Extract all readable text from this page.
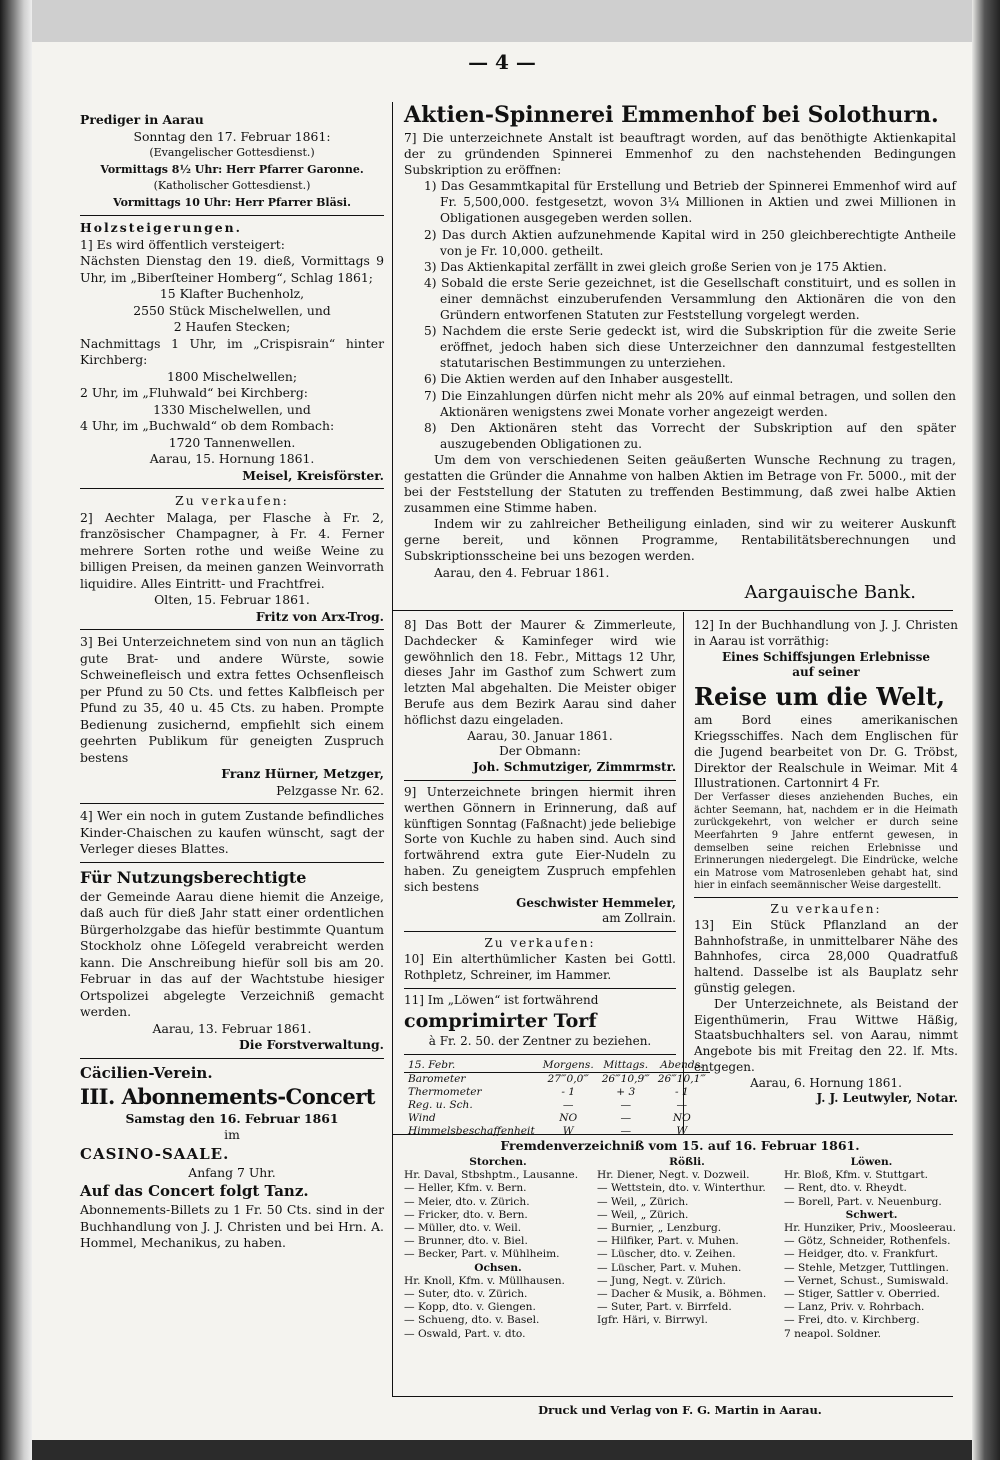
— 4 —

Prediger in Aarau

Sonntag den 17. Februar 1861:

(Evangelischer Gottesdienst.)

Vormittags 8½ Uhr: Herr Pfarrer Garonne.

(Katholischer Gottesdienst.)

Vormittags 10 Uhr: Herr Pfarrer Bläsi.

Holzsteigerungen.

1] Es wird öffentlich versteigert:

Nächsten Dienstag den 19. dieß, Vormittags 9 Uhr, im „Biberſteiner Homberg“, Schlag 1861;

15 Klafter Buchenholz,

2550 Stück Mischelwellen, und

2 Haufen Stecken;

Nachmittags 1 Uhr, im „Crispisrain“ hinter Kirchberg:

1800 Mischelwellen;

2 Uhr, im „Fluhwald“ bei Kirchberg:

1330 Mischelwellen, und

4 Uhr, im „Buchwald“ ob dem Rombach:

1720 Tannenwellen.

Aarau, 15. Hornung 1861.

Meisel, Kreisförster.

Zu verkaufen:

2] Aechter Malaga, per Flasche à Fr. 2, französischer Champagner, à Fr. 4. Ferner mehrere Sorten rothe und weiße Weine zu billigen Preisen, da meinen ganzen Weinvorrath liquidire. Alles Eintritt- und Frachtfrei.

Olten, 15. Februar 1861.

Fritz von Arx-Trog.

3] Bei Unterzeichnetem sind von nun an täglich gute Brat- und andere Würste, sowie Schweinefleisch und extra fettes Ochsenfleisch per Pfund zu 50 Cts. und fettes Kalbfleisch per Pfund zu 35, 40 u. 45 Cts. zu haben. Prompte Bedienung zusichernd, empfiehlt sich einem geehrten Publikum für geneigten Zuspruch bestens

Franz Hürner, Metzger,

Pelzgasse Nr. 62.

4] Wer ein noch in gutem Zustande befindliches Kinder-Chaischen zu kaufen wünscht, sagt der Verleger dieses Blattes.

Für Nutzungsberechtigte

der Gemeinde Aarau diene hiemit die Anzeige, daß auch für dieß Jahr statt einer ordentlichen Bürgerholzgabe das hiefür bestimmte Quantum Stockholz ohne Löſegeld verabreicht werden kann. Die Anschreibung hiefür soll bis am 20. Februar in das auf der Wachtstube hiesiger Ortspolizei abgelegte Verzeichniß gemacht werden.

Aarau, 13. Februar 1861.

Die Forstverwaltung.

Cäcilien-Verein.

III. Abonnements-Concert

Samstag den 16. Februar 1861

im

CASINO-SAALE.

Anfang 7 Uhr.

Auf das Concert folgt Tanz.

Abonnements-Billets zu 1 Fr. 50 Cts. sind in der Buchhandlung von J. J. Christen und bei Hrn. A. Hommel, Mechanikus, zu haben.

Aktien-Spinnerei Emmenhof bei Solothurn.

7] Die unterzeichnete Anstalt ist beauftragt worden, auf das benöthigte Aktienkapital der zu gründenden Spinnerei Emmenhof zu den nachstehenden Bedingungen Subskription zu eröffnen:

1) Das Gesammtkapital für Erstellung und Betrieb der Spinnerei Emmenhof wird auf Fr. 5,500,000. festgesetzt, wovon 3¼ Millionen in Aktien und zwei Millionen in Obligationen ausgegeben werden sollen.

2) Das durch Aktien aufzunehmende Kapital wird in 250 gleichberechtigte Antheile von je Fr. 10,000. getheilt.

3) Das Aktienkapital zerfällt in zwei gleich große Serien von je 175 Aktien.

4) Sobald die erste Serie gezeichnet, ist die Gesellschaft constituirt, und es sollen in einer demnächst einzuberufenden Versammlung den Aktionären die von den Gründern entworfenen Statuten zur Feststellung vorgelegt werden.

5) Nachdem die erste Serie gedeckt ist, wird die Subskription für die zweite Serie eröffnet, jedoch haben sich diese Unterzeichner den dannzumal festgestellten statutarischen Bestimmungen zu unterziehen.

6) Die Aktien werden auf den Inhaber ausgestellt.

7) Die Einzahlungen dürfen nicht mehr als 20% auf einmal betragen, und sollen den Aktionären wenigstens zwei Monate vorher angezeigt werden.

8) Den Aktionären steht das Vorrecht der Subskription auf den später auszugebenden Obligationen zu.

Um dem von verschiedenen Seiten geäußerten Wunsche Rechnung zu tragen, gestatten die Gründer die Annahme von halben Aktien im Betrage von Fr. 5000., mit der bei der Feststellung der Statuten zu treffenden Bestimmung, daß zwei halbe Aktien zusammen eine Stimme haben.

Indem wir zu zahlreicher Betheiligung einladen, sind wir zu weiterer Auskunft gerne bereit, und können Programme, Rentabilitätsberechnungen und Subskriptionsscheine bei uns bezogen werden.

Aarau, den 4. Februar 1861.

Aargauische Bank.

8] Das Bott der Maurer & Zimmerleute, Dachdecker & Kaminfeger wird wie gewöhnlich den 18. Febr., Mittags 12 Uhr, dieses Jahr im Gasthof zum Schwert zum letzten Mal abgehalten. Die Meister obiger Berufe aus dem Bezirk Aarau sind daher höflichst dazu eingeladen.

Aarau, 30. Januar 1861.

Der Obmann:

Joh. Schmutziger, Zimmrmstr.

9] Unterzeichnete bringen hiermit ihren werthen Gönnern in Erinnerung, daß auf künftigen Sonntag (Faßnacht) jede beliebige Sorte von Kuchle zu haben sind. Auch sind fortwährend extra gute Eier-Nudeln zu haben. Zu geneigtem Zuspruch empfehlen sich bestens

Geschwister Hemmeler,

am Zollrain.

Zu verkaufen:

10] Ein alterthümlicher Kasten bei Gottl. Rothpletz, Schreiner, im Hammer.

11] Im „Löwen“ ist fortwährend

comprimirter Torf

à Fr. 2. 50. der Zentner zu beziehen.

15. Febr.	Morgens.	Mittags.	Abends.
Barometer	27‴0,0‴	26‴10,9‴	26‴10,1‴
Thermometer	- 1	+ 3	- 1
Reg. u. Sch.	—	—	—
Wind	NO	—	NO
Himmelsbeschaffenheit	W	—	W

12] In der Buchhandlung von J. J. Christen in Aarau ist vorräthig:

Eines Schiffsjungen Erlebnisse

auf seiner

Reise um die Welt,

am Bord eines amerikanischen Kriegsschiffes. Nach dem Englischen für die Jugend bearbeitet von Dr. G. Tröbst, Direktor der Realschule in Weimar. Mit 4 Illustrationen. Cartonnirt 4 Fr.

Der Verfasser dieses anziehenden Buches, ein ächter Seemann, hat, nachdem er in die Heimath zurückgekehrt, von welcher er durch seine Meerfahrten 9 Jahre entfernt gewesen, in demselben seine reichen Erlebnisse und Erinnerungen niedergelegt. Die Eindrücke, welche ein Matrose vom Matrosenleben gehabt hat, sind hier in einfach seemännischer Weise dargestellt.

Zu verkaufen:

13] Ein Stück Pflanzland an der Bahnhofstraße, in unmittelbarer Nähe des Bahnhofes, circa 28,000 Quadratfuß haltend. Dasselbe ist als Bauplatz sehr günstig gelegen.

Der Unterzeichnete, als Beistand der Eigenthümerin, Frau Wittwe Häßig, Staatsbuchhalters sel. von Aarau, nimmt Angebote bis mit Freitag den 22. lf. Mts. entgegen.

Aarau, 6. Hornung 1861.

J. J. Leutwyler, Notar.

Fremdenverzeichniß vom 15. auf 16. Februar 1861.

Storchen.

Hr. Daval, Stbshptm., Lausanne.

— Heller, Kfm. v. Bern.

— Meier, dto. v. Zürich.

— Fricker, dto. v. Bern.

— Müller, dto. v. Weil.

— Brunner, dto. v. Biel.

— Becker, Part. v. Mühlheim.

Ochsen.

Hr. Knoll, Kfm. v. Müllhausen.

— Suter, dto. v. Zürich.

— Kopp, dto. v. Giengen.

— Schueng, dto. v. Basel.

— Oswald, Part. v. dto.

Rößli.

Hr. Diener, Negt. v. Dozweil.

— Wettstein, dto. v. Winterthur.

— Weil, „ Zürich.

— Weil, „ Zürich.

— Burnier, „ Lenzburg.

— Hilfiker, Part. v. Muhen.

— Lüscher, dto. v. Zeihen.

— Lüscher, Part. v. Muhen.

— Jung, Negt. v. Zürich.

— Dacher & Musik, a. Böhmen.

— Suter, Part. v. Birrfeld.

Igfr. Häri, v. Birrwyl.

Löwen.

Hr. Bloß, Kfm. v. Stuttgart.

— Rent, dto. v. Rheydt.

— Borell, Part. v. Neuenburg.

Schwert.

Hr. Hunziker, Priv., Moosleerau.

— Götz, Schneider, Rothenfels.

— Heidger, dto. v. Frankfurt.

— Stehle, Metzger, Tuttlingen.

— Vernet, Schust., Sumiswald.

— Stiger, Sattler v. Oberried.

— Lanz, Priv. v. Rohrbach.

— Frei, dto. v. Kirchberg.

7 neapol. Soldner.

Druck und Verlag von F. G. Martin in Aarau.
